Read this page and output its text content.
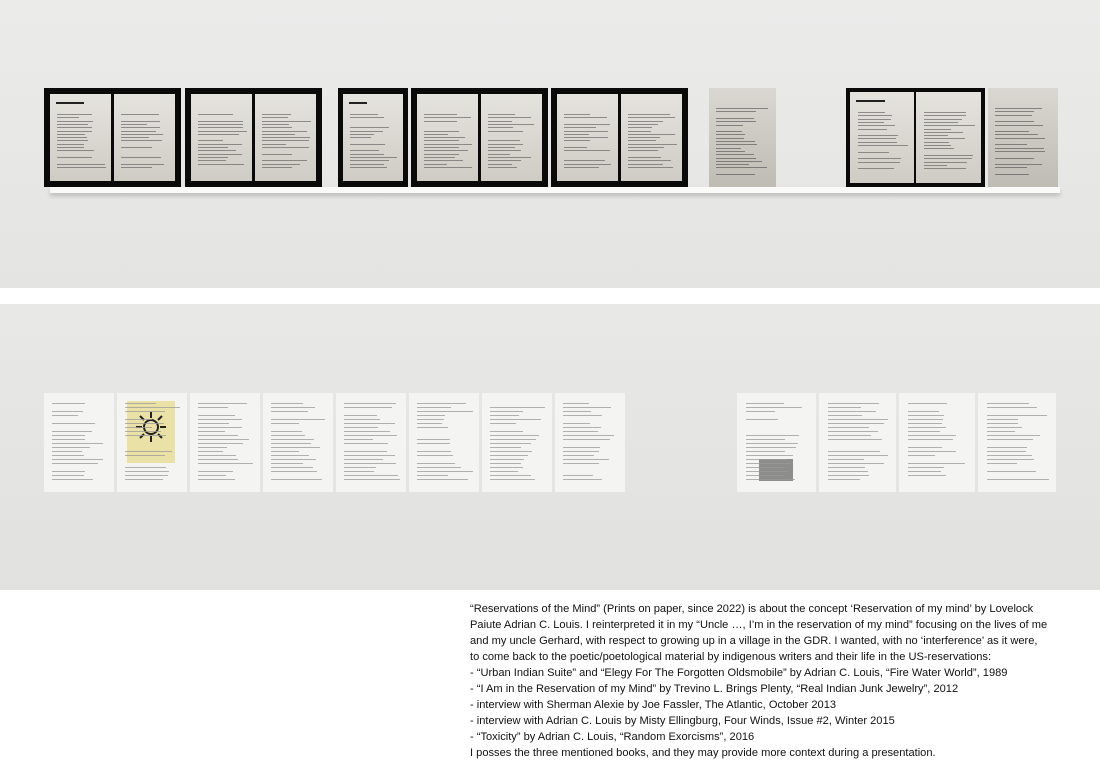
“Reservations of the Mind” (Prints on paper, since 2022) is about the concept ‘Reservation of my mind’ by Lovelock
Paiute Adrian C. Louis. I reinterpreted it in my “Uncle …, I’m in the reservation of my mind” focusing on the lives of me
and my uncle Gerhard, with respect to growing up in a village in the GDR. I wanted, with no ‘interference’ as it were,
to come back to the poetic/poetological material by indigenous writers and their life in the US-reservations:
- “Urban Indian Suite” and “Elegy For The Forgotten Oldsmobile” by Adrian C. Louis, “Fire Water World”, 1989
- “I Am in the Reservation of my Mind” by Trevino L. Brings Plenty, “Real Indian Junk Jewelry”, 2012
- interview with Sherman Alexie by Joe Fassler, The Atlantic, October 2013
- interview with Adrian C. Louis by Misty Ellingburg, Four Winds, Issue #2, Winter 2015
- “Toxicity” by Adrian C. Louis, “Random Exorcisms”, 2016
I posses the three mentioned books, and they may provide more context during a presentation.
